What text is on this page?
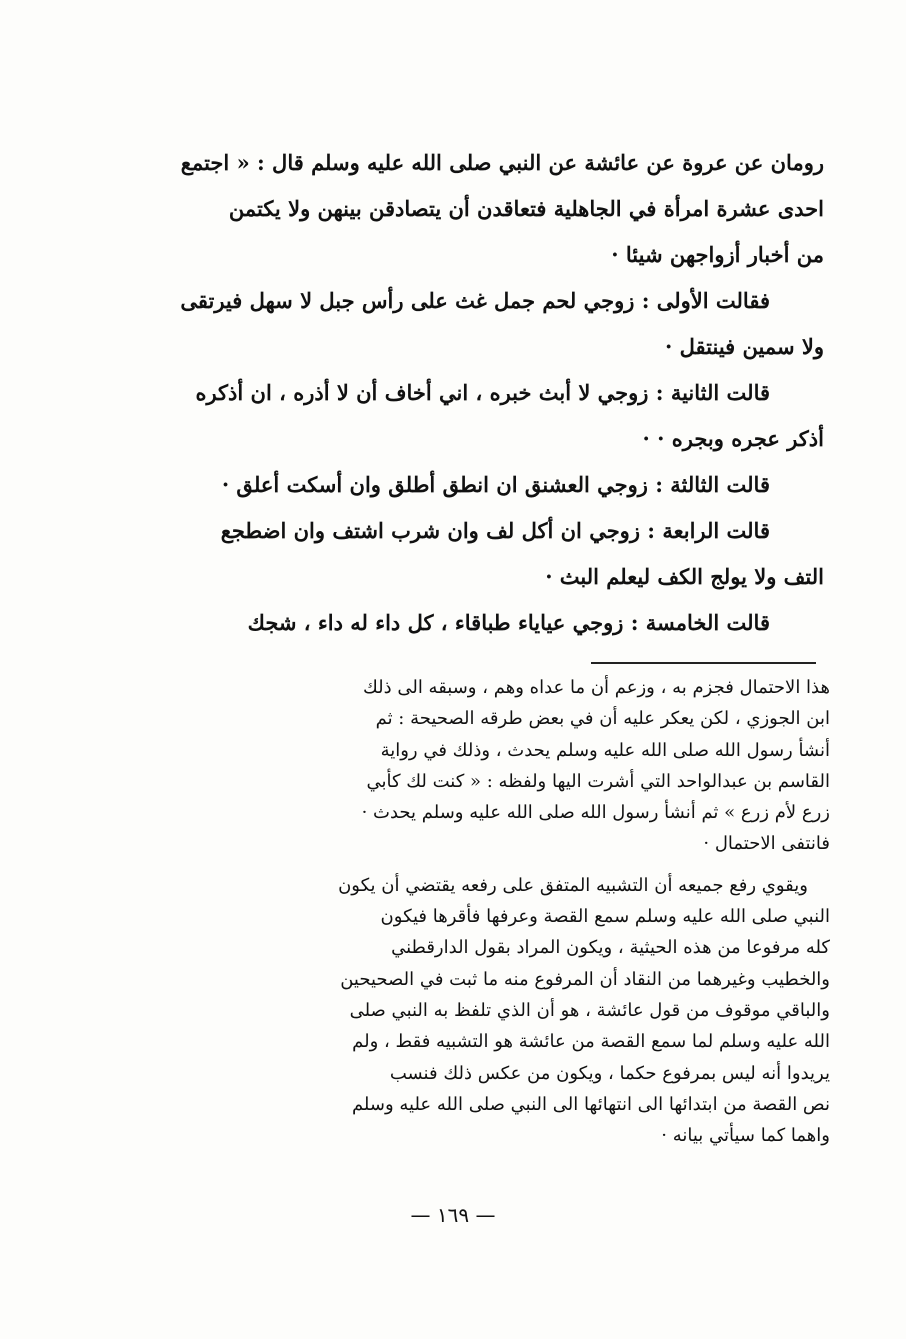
رومان عن عروة عن عائشة عن النبي صلى الله عليه وسلم قال : « اجتمع
احدى عشرة امرأة في الجاهلية فتعاقدن أن يتصادقن بينهن ولا يكتمن
من أخبار أزواجهن شيئا ·
فقالت الأولى : زوجي لحم جمل غث على رأس جبل لا سهل فيرتقى
ولا سمين فينتقل ·
قالت الثانية : زوجي لا أبث خبره ، اني أخاف أن لا أذره ، ان أذكره
أذكر عجره وبجره · ·
قالت الثالثة : زوجي العشنق ان انطق أطلق وان أسكت أعلق ·
قالت الرابعة : زوجي ان أكل لف وان شرب اشتف وان اضطجع
التف ولا يولج الكف ليعلم البث ·
قالت الخامسة : زوجي عياياء طباقاء ، كل داء له داء ، شجك
هذا الاحتمال فجزم به ، وزعم أن ما عداه وهم ، وسبقه الى ذلك
ابن الجوزي ، لكن يعكر عليه أن في بعض طرقه الصحيحة : ثم
أنشأ رسول الله صلى الله عليه وسلم يحدث ، وذلك في رواية
القاسم بن عبدالواحد التي أشرت اليها ولفظه : « كنت لك كأبي
زرع لأم زرع » ثم أنشأ رسول الله صلى الله عليه وسلم يحدث ·
فانتفى الاحتمال ·
ويقوي رفع جميعه أن التشبيه المتفق على رفعه يقتضي أن يكون
النبي صلى الله عليه وسلم سمع القصة وعرفها فأقرها فيكون
كله مرفوعا من هذه الحيثية ، ويكون المراد بقول الدارقطني
والخطيب وغيرهما من النقاد أن المرفوع منه ما ثبت في الصحيحين
والباقي موقوف من قول عائشة ، هو أن الذي تلفظ به النبي صلى
الله عليه وسلم لما سمع القصة من عائشة هو التشبيه فقط ، ولم
يريدوا أنه ليس بمرفوع حكما ، ويكون من عكس ذلك فنسب
نص القصة من ابتدائها الى انتهائها الى النبي صلى الله عليه وسلم
واهما كما سيأتي بيانه ·
— ١٦٩ —
